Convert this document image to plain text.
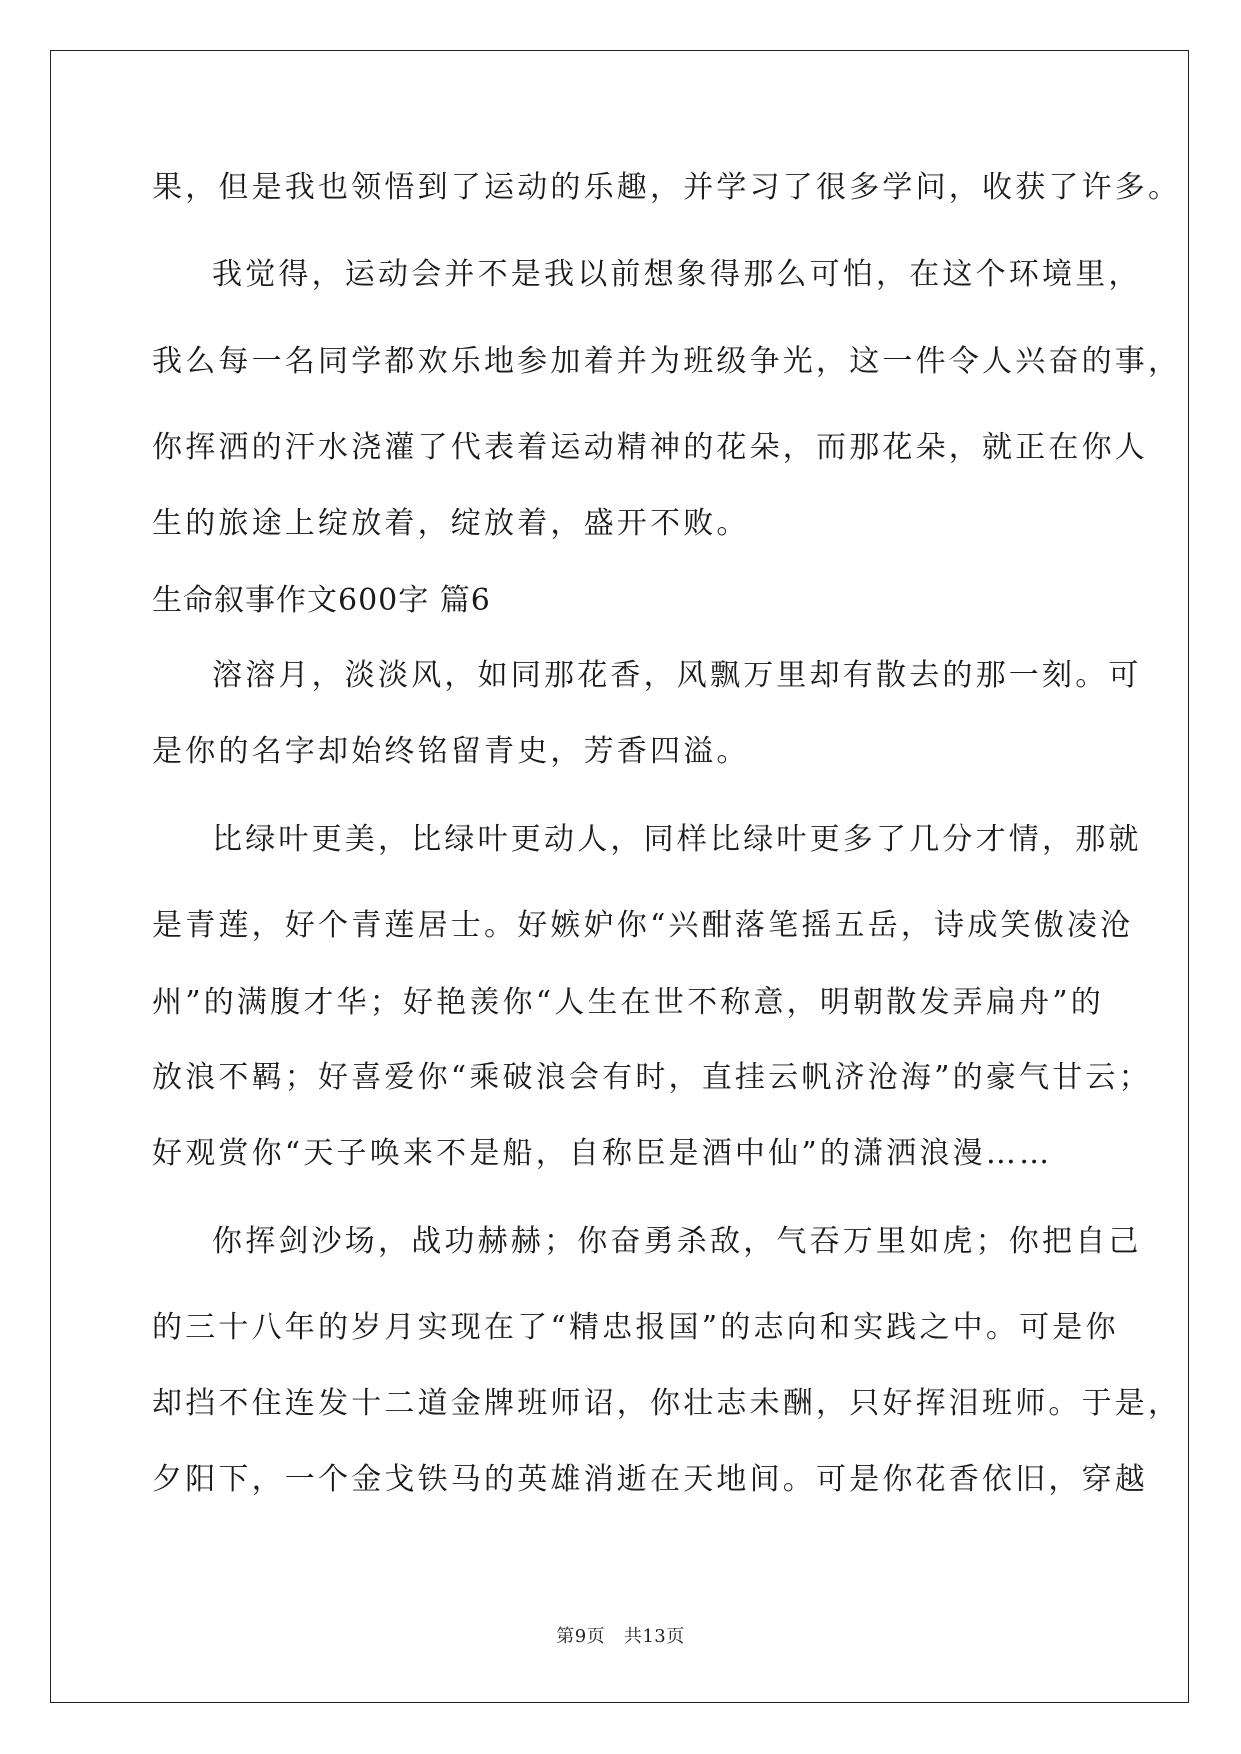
果，但是我也领悟到了运动的乐趣，并学习了很多学问，收获了许多。
我觉得，运动会并不是我以前想象得那么可怕，在这个环境里，
我么每一名同学都欢乐地参加着并为班级争光，这一件令人兴奋的事，
你挥洒的汗水浇灌了代表着运动精神的花朵，而那花朵，就正在你人
生的旅途上绽放着，绽放着，盛开不败。
生命叙事作文600字 篇6
溶溶月，淡淡风，如同那花香，风飘万里却有散去的那一刻。可
是你的名字却始终铭留青史，芳香四溢。
比绿叶更美，比绿叶更动人，同样比绿叶更多了几分才情，那就
是青莲，好个青莲居士。好嫉妒你“兴酣落笔摇五岳，诗成笑傲凌沧
州”的满腹才华；好艳羡你“人生在世不称意，明朝散发弄扁舟”的
放浪不羁；好喜爱你“乘破浪会有时，直挂云帆济沧海”的豪气甘云；
好观赏你“天子唤来不是船，自称臣是酒中仙”的潇洒浪漫……
你挥剑沙场，战功赫赫；你奋勇杀敌，气吞万里如虎；你把自己
的三十八年的岁月实现在了“精忠报国”的志向和实践之中。可是你
却挡不住连发十二道金牌班师诏，你壮志未酬，只好挥泪班师。于是，
夕阳下，一个金戈铁马的英雄消逝在天地间。可是你花香依旧，穿越
第9页   共13页
